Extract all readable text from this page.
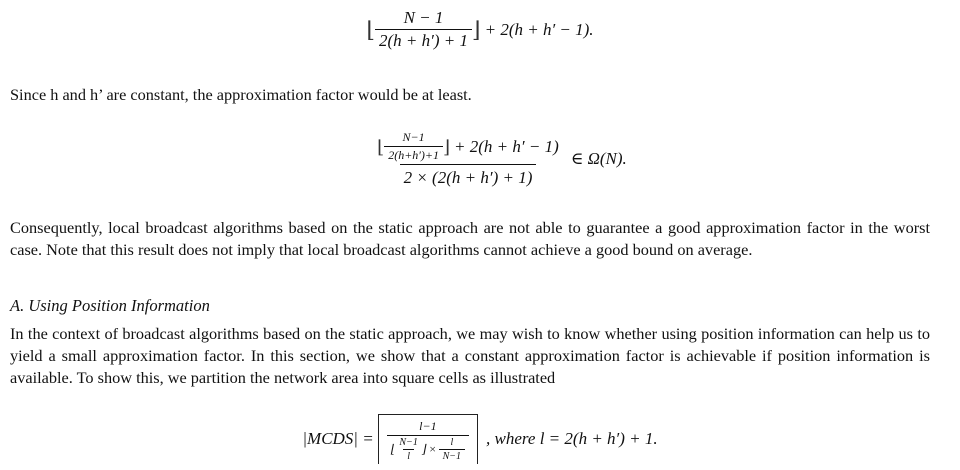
⌊ $\frac{N - 1}{2(h + h') + 1}$ ⌋ + 2(h + h′ − 1).
Since h and h’ are constant, the approximation factor would be at least.
⌊ $\frac{N-1}{2(h+h')+1}$ ⌋ + 2(h + h′ − 1)
2 × (2(h + h′) + 1)
∈ Ω(N).
Consequently, local broadcast algorithms based on the static approach are not able to guarantee a good approximation factor in the worst case. Note that this result does not imply that local broadcast algorithms cannot achieve a good bound on average.
A. Using Position Information
In the context of broadcast algorithms based on the static approach, we may wish to know whether using position information can help us to yield a small approximation factor. In this section, we show that a constant approximation factor is achievable if position information is available. To show this, we partition the network area into square cells as illustrated
|MCDS| =
l−1
⌊ $\frac{N-1}{l}$ ⌋ × $\frac{l}{N-1}$ , where l = 2(h + h′) + 1.
